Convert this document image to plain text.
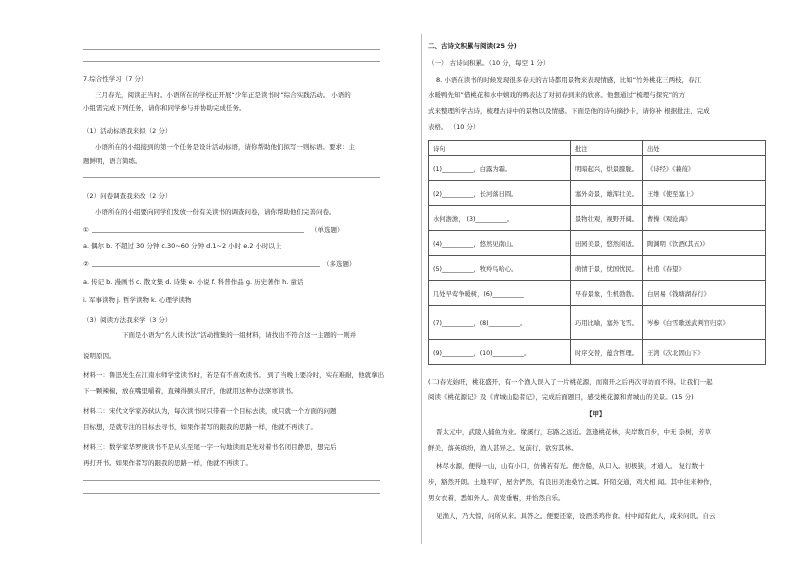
7.综合性学习（7 分）
三月春光，阅读正当时。小语所在的学校正开展“少年正是读书时”综合实践活动。 小语的
小组需完成下列任务，请你和同学参与并协助完成任务。
（1）活动标语我来拟（2 分）
小语所在的小组接到的第一个任务是设计活动标语，请你帮助他们拟写一则标语。要求：主
题鲜明，语言简练。
（2）问卷调查我来改（2 分）
小语所在的小组要向同学们发放一份有关读书的调查问卷，请你帮助他们完善问卷。
①	（单选题）
a. 偶尔 b. 不超过 30 分钟 c.30~60 分钟 d.1~2 小时 e.2 小时以上
②	（多选题）
a. 传记 b. 漫画书 c. 散文集 d. 诗集 e. 小说 f. 科普作品 g. 历史著作 h. 童话
i. 军事读物 j. 哲学读物 k. 心理学读物
（3）阅读方法我来学（3 分）
下面是小语为“名人读书法”活动搜集的一组材料，请找出不符合这一主题的一则并
说明原因。
材料一：鲁迅先生在江南水师学堂读书时，若是有不喜欢读书。 到了当晚上要冷时，实在难耐，他就拿出
下一颗辣椒，放在嘴里嚼着，直辣得额头冒汗，他就用这种办法驱寒读书。
材料二：宋代文学家苏轼认为，每次读书时只带着一个目标去读，或只就一个方面的问题
目标想，是就专注的目标去寻书，如果作者写的跟我的思路一样，他就不再读了。
材料三：数学家华罗庚读书不是从头至尾一字一句地读而是先对着书名闭目静思，想完后
再打开书。如果作者写的跟我的思路一样，他就不再读了。
二、古诗文积累与阅读(25 分)
（一） 古诗词积累。（10 分，每空 1 分）
8. 小语在读书的时候发现很多春天的古诗都用景物来表现情感，比如“竹外桃花三两枝，春江
水暖鸭先知”借桃花和水中嬉戏的鸭表达了对初春到来的欣喜。他想通过“梳理与探究”的方
式来整理所学古诗，梳理古诗中的景物以及情感。下面是他的诗句摘抄卡，请你补 根据批注，完成
表格。 （10 分）
诗句	批注	出处
(1)__________，白露为霜。	明暗起兴，烘景朦胧。	《诗经》《蒹葭》
(2)__________，长河落日圆。	塞外奇景，雄浑壮美。	王维《使至塞上》
水何澹澹， (3)__________。	景物壮观，视野开阔。	曹操《观沧海》
(4)__________，悠然见南山。	田园美景，悠然闲适。	陶渊明《饮酒(其五)》
(5)__________，牧羚鸟哈心。	萌情于景，忧国忧民。	杜甫《春望》
几处早莺争暖树，(6)__________	早春景象，生机勃勃。	白居易《钱塘湖春行》
(7)__________，(8)__________。	巧用比喻，塞外飞雪。	岑参《白雪歌送武判官归京》
(9)__________，(10)__________。	时序交替，蕴含哲理。	王湾《次北固山下》
(二)春光始旺，桃花盛开，有一个渔人误入了一片桃花源，而南开之后再次寻访而不得。让我们一起
阅读《桃花源记》及《青城山隐者记》，完成后面题目，感受桃花源和青城山的美景。(15 分)
【甲】
晋太元中，武陵人捕鱼为业。缘溪行，忘路之远近。忽逢桃花林，夹岸数百步，中无 杂树，芳草
鲜美，落英缤纷，渔人甚异之。复前行，欲穷其林。
林尽水源，便得一山，山有小口，仿佛若有光。便舍船，从口入。初极狭，才通人。 复行数十
步，豁然开朗。土地平旷，屋舍俨然，有良田美池桑竹之属。阡陌交通，鸡犬相 闻。其中往来种作，
男女衣着，悉如外人。黄发垂髫，并怡然自乐。
见渔人，乃大惊，问所从来。具答之。便要还家，设酒杀鸡作食。村中闻有此人，咸来问讯。自云
